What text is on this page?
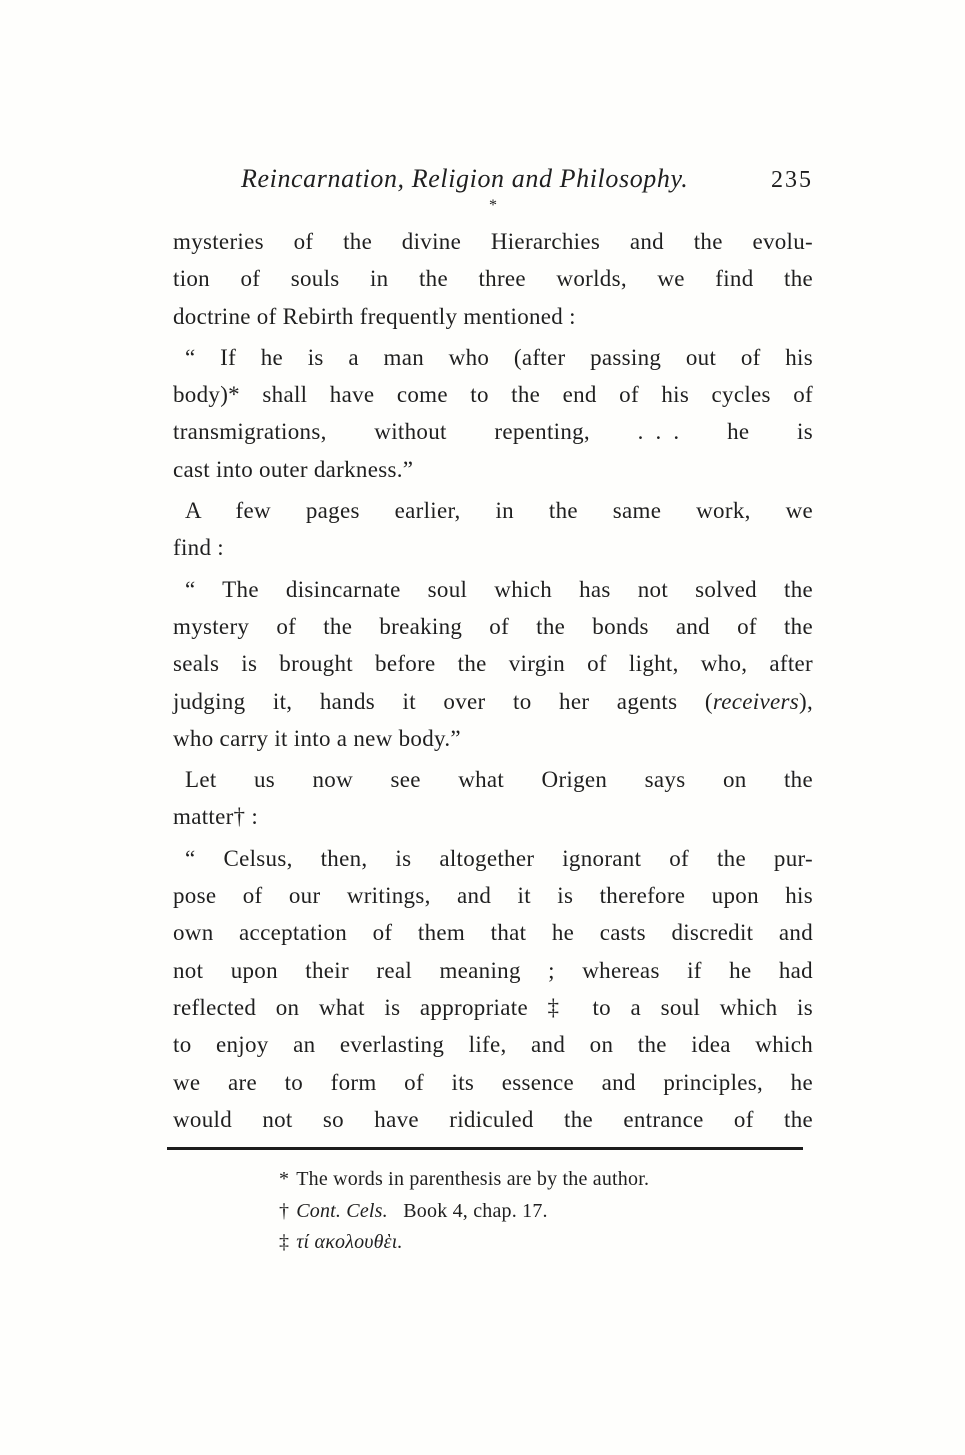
Reincarnation, Religion and Philosophy.	235
*
mysteries of the divine Hierarchies and the evolu-
tion of souls in the three worlds, we find the
doctrine of Rebirth frequently mentioned :
“ If he is a man who (after passing out of his
body)* shall have come to the end of his cycles of
transmigrations, without repenting, . . . he is
cast into outer darkness.”
A few pages earlier, in the same work, we
find :
“ The disincarnate soul which has not solved the
mystery of the breaking of the bonds and of the
seals is brought before the virgin of light, who, after
judging it, hands it over to her agents (receivers),
who carry it into a new body.”
Let us now see what Origen says on the
matter† :
“ Celsus, then, is altogether ignorant of the pur-
pose of our writings, and it is therefore upon his
own acceptation of them that he casts discredit and
not upon their real meaning ; whereas if he had
reflected on what is appropriate ‡ to a soul which is
to enjoy an everlasting life, and on the idea which
we are to form of its essence and principles, he
would not so have ridiculed the entrance of the
* The words in parenthesis are by the author.
† Cont. Cels.  Book 4, chap. 17.
‡ τί ακολουθὲι.
